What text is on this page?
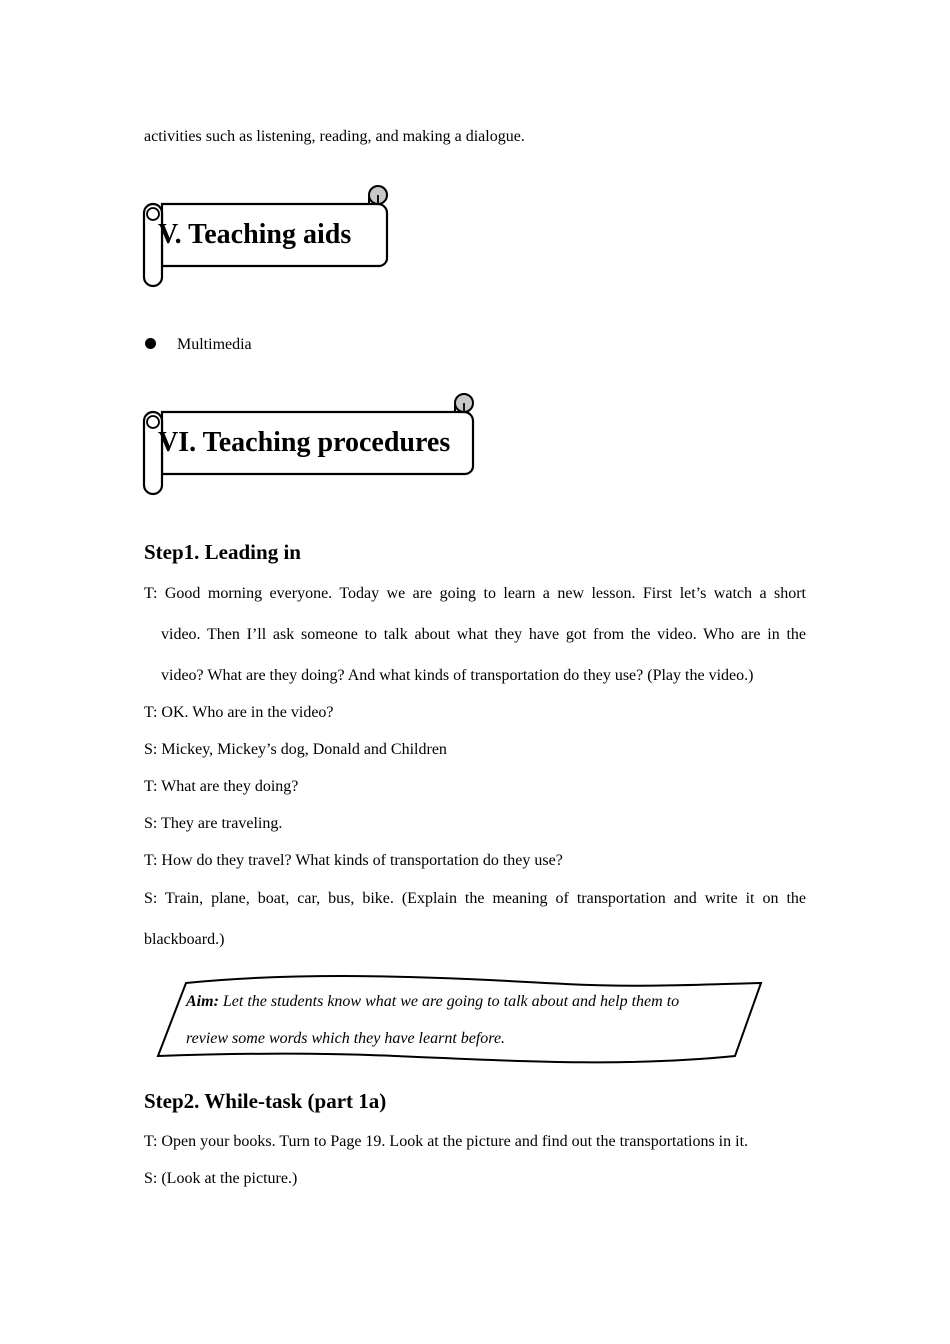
activities such as listening, reading, and making a dialogue.
V. Teaching aids
Multimedia
VI. Teaching procedures
Step1. Leading in
T: Good morning everyone. Today we are going to learn a new lesson. First let’s watch a short
video. Then I’ll ask someone to talk about what they have got from the video. Who are in the
video? What are they doing? And what kinds of transportation do they use? (Play the video.)
T: OK. Who are in the video?
S: Mickey, Mickey’s dog, Donald and Children
T: What are they doing?
S: They are traveling.
T: How do they travel? What kinds of transportation do they use?
S: Train, plane, boat, car, bus, bike. (Explain the meaning of transportation and write it on the
blackboard.)
Aim: Let the students know what we are going to talk about and help them to
review some words which they have learnt before.
Step2. While-task (part 1a)
T: Open your books. Turn to Page 19. Look at the picture and find out the transportations in it.
S: (Look at the picture.)
